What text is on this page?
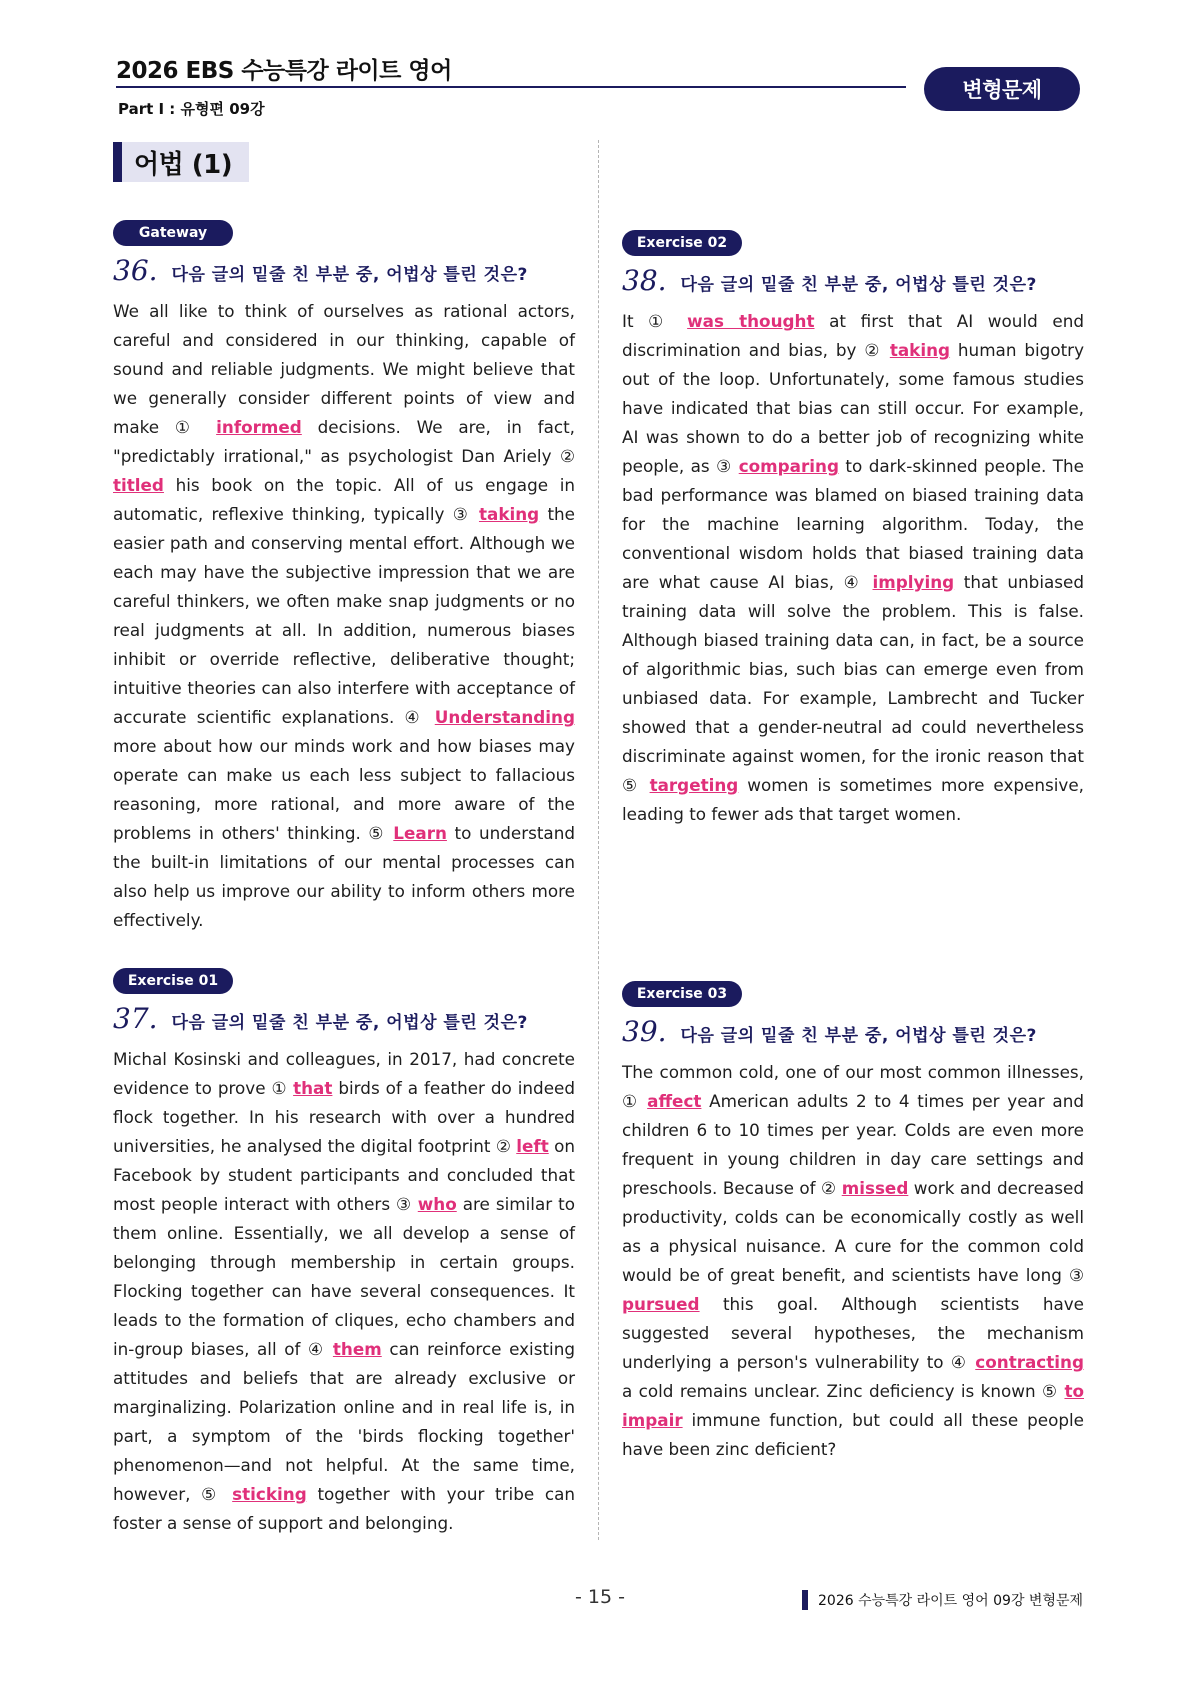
2026 EBS 수능특강 라이트 영어
Part Ⅰ : 유형편 09강
변형문제
어법 (1)
Gateway
36. 다음 글의 밑줄 친 부분 중, 어법상 틀린 것은?
We all like to think of ourselves as rational actors, careful and considered in our thinking, capable of sound and reliable judgments. We might believe that we generally consider different points of view and make ① informed decisions. We are, in fact, "predictably irrational," as psychologist Dan Ariely ② titled his book on the topic. All of us engage in automatic, reflexive thinking, typically ③ taking the easier path and conserving mental effort. Although we each may have the subjective impression that we are careful thinkers, we often make snap judgments or no real judgments at all. In addition, numerous biases inhibit or override reflective, deliberative thought; intuitive theories can also interfere with acceptance of accurate scientific explanations. ④ Understanding more about how our minds work and how biases may operate can make us each less subject to fallacious reasoning, more rational, and more aware of the problems in others' thinking. ⑤ Learn to understand the built-in limitations of our mental processes can also help us improve our ability to inform others more effectively.
Exercise 01
37. 다음 글의 밑줄 친 부분 중, 어법상 틀린 것은?
Michal Kosinski and colleagues, in 2017, had concrete evidence to prove ① that birds of a feather do indeed flock together. In his research with over a hundred universities, he analysed the digital footprint ② left on Facebook by student participants and concluded that most people interact with others ③ who are similar to them online. Essentially, we all develop a sense of belonging through membership in certain groups. Flocking together can have several consequences. It leads to the formation of cliques, echo chambers and in-group biases, all of ④ them can reinforce existing attitudes and beliefs that are already exclusive or marginalizing. Polarization online and in real life is, in part, a symptom of the 'birds flocking together' phenomenon—and not helpful. At the same time, however, ⑤ sticking together with your tribe can foster a sense of support and belonging.
Exercise 02
38. 다음 글의 밑줄 친 부분 중, 어법상 틀린 것은?
It ① was thought at first that AI would end discrimination and bias, by ② taking human bigotry out of the loop. Unfortunately, some famous studies have indicated that bias can still occur. For example, AI was shown to do a better job of recognizing white people, as ③ comparing to dark-skinned people. The bad performance was blamed on biased training data for the machine learning algorithm. Today, the conventional wisdom holds that biased training data are what cause AI bias, ④ implying that unbiased training data will solve the problem. This is false. Although biased training data can, in fact, be a source of algorithmic bias, such bias can emerge even from unbiased data. For example, Lambrecht and Tucker showed that a gender-neutral ad could nevertheless discriminate against women, for the ironic reason that ⑤ targeting women is sometimes more expensive, leading to fewer ads that target women.
Exercise 03
39. 다음 글의 밑줄 친 부분 중, 어법상 틀린 것은?
The common cold, one of our most common illnesses, ① affect American adults 2 to 4 times per year and children 6 to 10 times per year. Colds are even more frequent in young children in day care settings and preschools. Because of ② missed work and decreased productivity, colds can be economically costly as well as a physical nuisance. A cure for the common cold would be of great benefit, and scientists have long ③ pursued this goal. Although scientists have suggested several hypotheses, the mechanism underlying a person's vulnerability to ④ contracting a cold remains unclear. Zinc deficiency is known ⑤ to impair immune function, but could all these people have been zinc deficient?
- 15 -	2026 수능특강 라이트 영어 09강 변형문제
